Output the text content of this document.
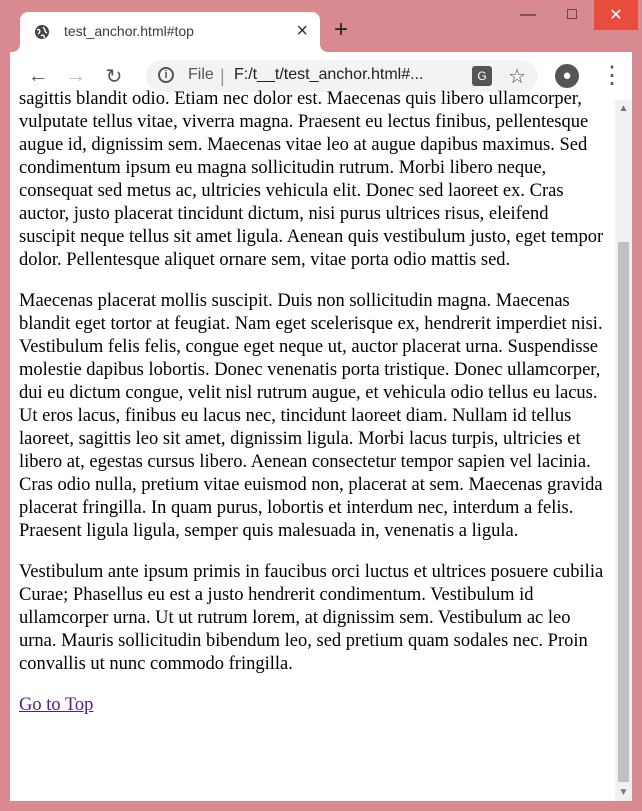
—	□	✕
test_anchor.html#top	× +
← → ↻	i	File | F:/t__t/test_anchor.html#...	G ☆	●	⋮

sagittis blandit odio. Etiam nec dolor est. Maecenas quis libero ullamcorper, vulputate tellus vitae, viverra magna. Praesent eu lectus finibus, pellentesque augue id, dignissim sem. Maecenas vitae leo at augue dapibus maximus. Sed condimentum ipsum eu magna sollicitudin rutrum. Morbi libero neque, consequat sed metus ac, ultricies vehicula elit. Donec sed laoreet ex. Cras auctor, justo placerat tincidunt dictum, nisi purus ultrices risus, eleifend suscipit neque tellus sit amet ligula. Aenean quis vestibulum justo, eget tempor dolor. Pellentesque aliquet ornare sem, vitae porta odio mattis sed.

Maecenas placerat mollis suscipit. Duis non sollicitudin magna. Maecenas blandit eget tortor at feugiat. Nam eget scelerisque ex, hendrerit imperdiet nisi. Vestibulum felis felis, congue eget neque ut, auctor placerat urna. Suspendisse molestie dapibus lobortis. Donec venenatis porta tristique. Donec ullamcorper, dui eu dictum congue, velit nisl rutrum augue, et vehicula odio tellus eu lacus. Ut eros lacus, finibus eu lacus nec, tincidunt laoreet diam. Nullam id tellus laoreet, sagittis leo sit amet, dignissim ligula. Morbi lacus turpis, ultricies et libero at, egestas cursus libero. Aenean consectetur tempor sapien vel lacinia. Cras odio nulla, pretium vitae euismod non, placerat at sem. Maecenas gravida placerat fringilla. In quam purus, lobortis et interdum nec, interdum a felis. Praesent ligula ligula, semper quis malesuada in, venenatis a ligula.

Vestibulum ante ipsum primis in faucibus orci luctus et ultrices posuere cubilia Curae; Phasellus eu est a justo hendrerit condimentum. Vestibulum id ullamcorper urna. Ut ut rutrum lorem, at dignissim sem. Vestibulum ac leo urna. Mauris sollicitudin bibendum leo, sed pretium quam sodales nec. Proin convallis ut nunc commodo fringilla.

Go to Top
▲
▼
